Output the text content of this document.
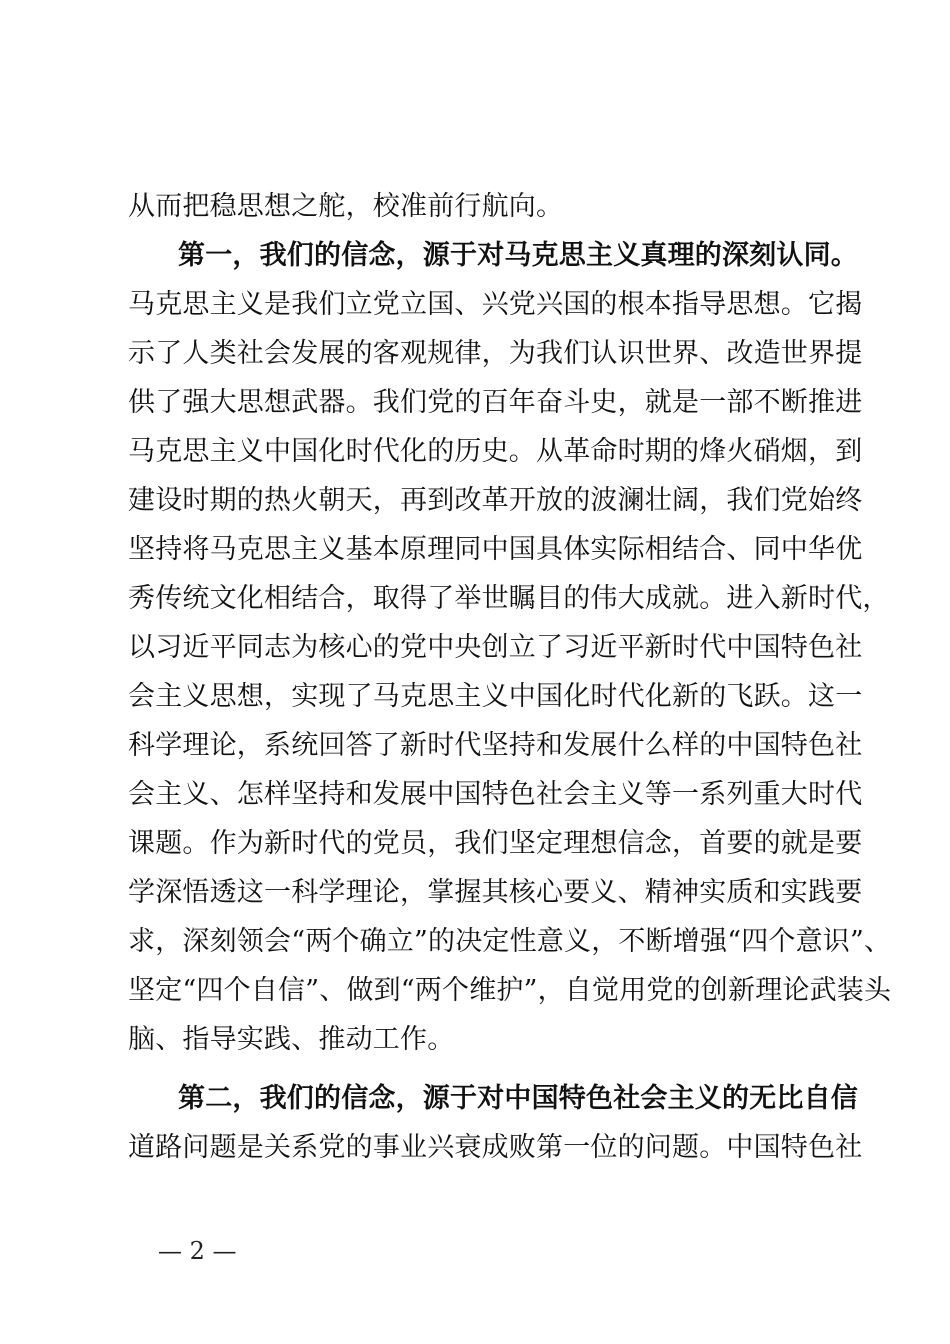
从而把稳思想之舵，校准前行航向。
第一，我们的信念，源于对马克思主义真理的深刻认同。
马克思主义是我们立党立国、兴党兴国的根本指导思想。它揭
示了人类社会发展的客观规律，为我们认识世界、改造世界提
供了强大思想武器。我们党的百年奋斗史，就是一部不断推进
马克思主义中国化时代化的历史。从革命时期的烽火硝烟，到
建设时期的热火朝天，再到改革开放的波澜壮阔，我们党始终
坚持将马克思主义基本原理同中国具体实际相结合、同中华优
秀传统文化相结合，取得了举世瞩目的伟大成就。进入新时代，
以习近平同志为核心的党中央创立了习近平新时代中国特色社
会主义思想，实现了马克思主义中国化时代化新的飞跃。这一
科学理论，系统回答了新时代坚持和发展什么样的中国特色社
会主义、怎样坚持和发展中国特色社会主义等一系列重大时代
课题。作为新时代的党员，我们坚定理想信念，首要的就是要
学深悟透这一科学理论，掌握其核心要义、精神实质和实践要
求，深刻领会“两个确立”的决定性意义，不断增强“四个意识”、
坚定“四个自信”、做到“两个维护”，自觉用党的创新理论武装头
脑、指导实践、推动工作。
第二，我们的信念，源于对中国特色社会主义的无比自信
道路问题是关系党的事业兴衰成败第一位的问题。中国特色社
— 2 —
